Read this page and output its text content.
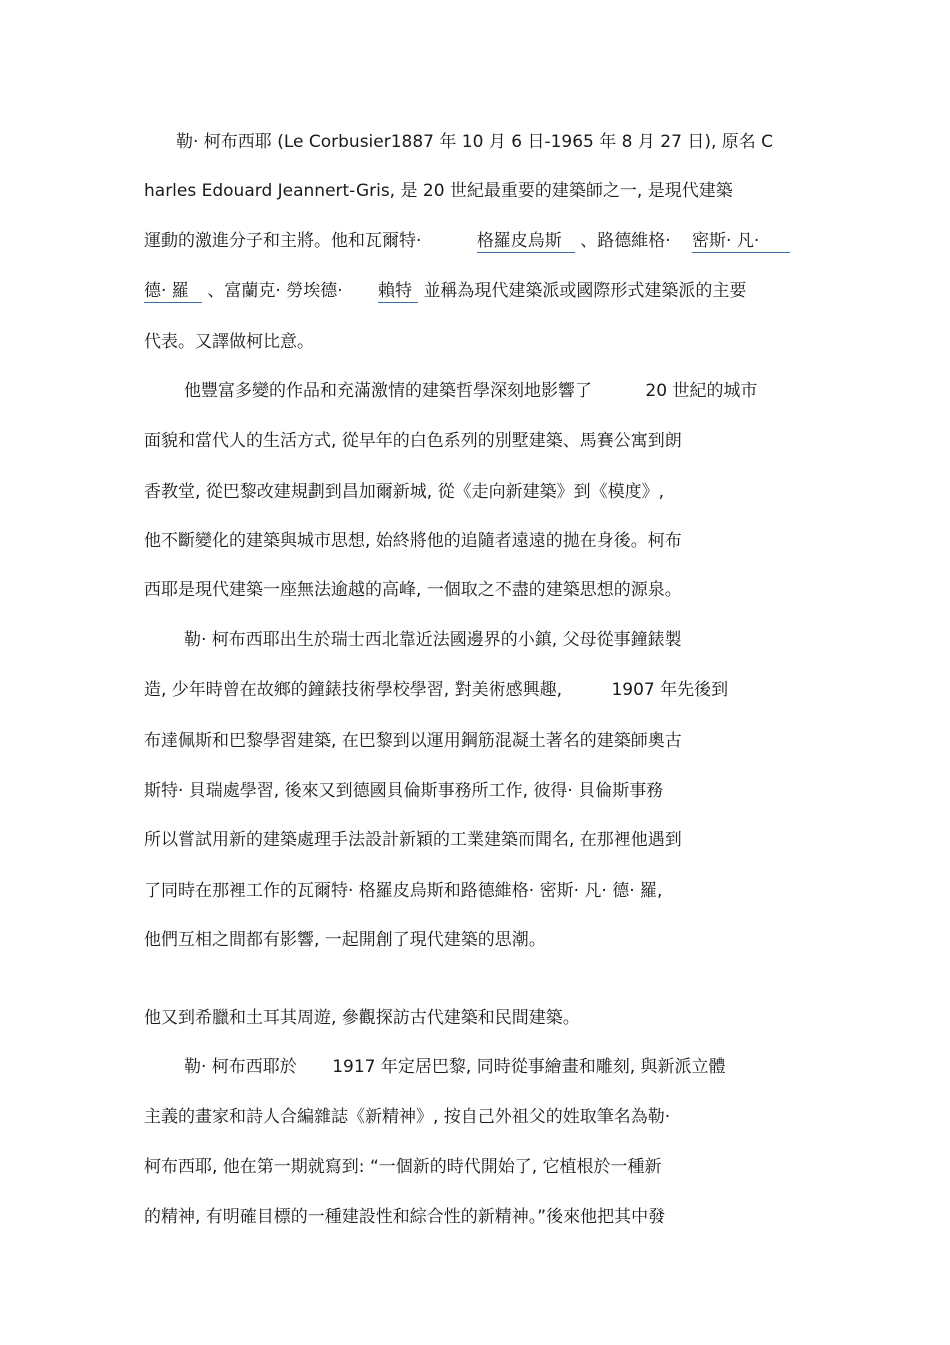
勒· 柯布西耶 (Le Corbusier1887 年 10 月 6 日-1965 年 8 月 27 日), 原名 C
harles Edouard Jeannert-Gris, 是 20 世紀最重要的建築師之一, 是現代建築
運動的激進分子和主將。他和瓦爾特·	格羅皮烏斯 、路德維格· 密斯· 凡·
德· 羅 、富蘭克· 勞埃德· 賴特 並稱為現代建築派或國際形式建築派的主要
代表。又譯做柯比意。
他豐富多變的作品和充滿激情的建築哲學深刻地影響了	20 世紀的城市
面貌和當代人的生活方式, 從早年的白色系列的別墅建築、馬賽公寓到朗
香教堂, 從巴黎改建規劃到昌加爾新城, 從《走向新建築》到《模度》,
他不斷變化的建築與城市思想, 始終將他的追隨者遠遠的拋在身後。柯布
西耶是現代建築一座無法逾越的高峰, 一個取之不盡的建築思想的源泉。
勒· 柯布西耶出生於瑞士西北靠近法國邊界的小鎮, 父母從事鐘錶製
造, 少年時曾在故鄉的鐘錶技術學校學習, 對美術感興趣,	1907 年先後到
布達佩斯和巴黎學習建築, 在巴黎到以運用鋼筋混凝土著名的建築師奧古
斯特· 貝瑞處學習, 後來又到德國貝倫斯事務所工作, 彼得· 貝倫斯事務
所以嘗試用新的建築處理手法設計新穎的工業建築而聞名, 在那裡他遇到
了同時在那裡工作的瓦爾特· 格羅皮烏斯和路德維格· 密斯· 凡· 德· 羅,
他們互相之間都有影響, 一起開創了現代建築的思潮。
他又到希臘和土耳其周遊, 參觀探訪古代建築和民間建築。
勒· 柯布西耶於 1917 年定居巴黎, 同時從事繪畫和雕刻, 與新派立體
主義的畫家和詩人合編雜誌《新精神》, 按自己外祖父的姓取筆名為勒·
柯布西耶, 他在第一期就寫到: “一個新的時代開始了, 它植根於一種新
的精神, 有明確目標的一種建設性和綜合性的新精神。”後來他把其中發
